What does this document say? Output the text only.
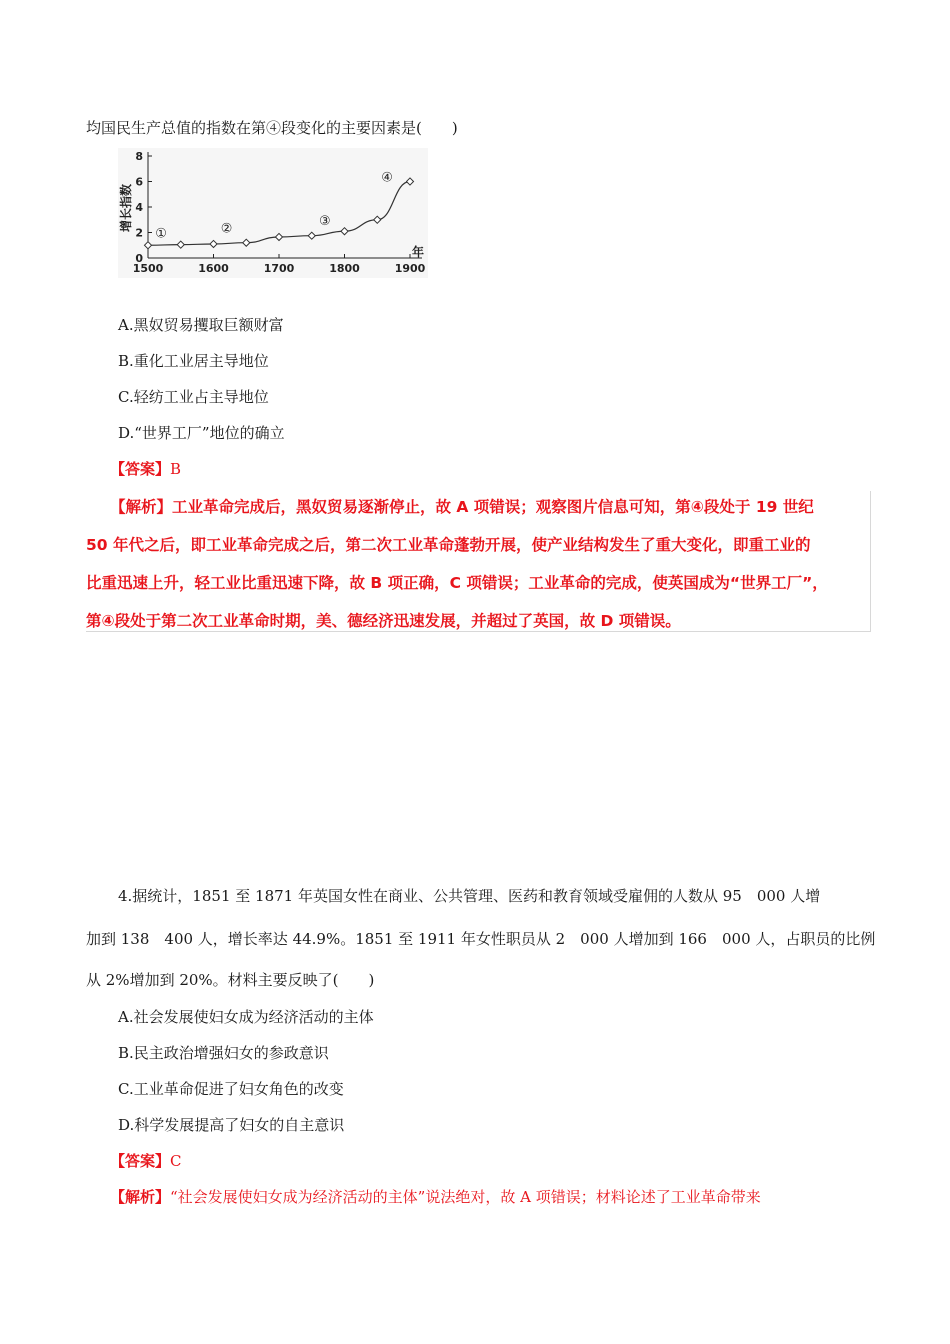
均国民生产总值的指数在第④段变化的主要因素是(　　)
0
2
4
6
8
1500	1600	1700	1800	1900
年
增长指数
①	②
③
④
A.黑奴贸易攫取巨额财富
B.重化工业居主导地位
C.轻纺工业占主导地位
D.“世界工厂”地位的确立
【答案】B
【解析】工业革命完成后，黑奴贸易逐渐停止，故 A 项错误；观察图片信息可知，第④段处于 19 世纪
50 年代之后，即工业革命完成之后，第二次工业革命蓬勃开展，使产业结构发生了重大变化，即重工业的
比重迅速上升，轻工业比重迅速下降，故 B 项正确，C 项错误；工业革命的完成，使英国成为“世界工厂”，
第④段处于第二次工业革命时期，美、德经济迅速发展，并超过了英国，故 D 项错误。
4.据统计，1851 至 1871 年英国女性在商业、公共管理、医药和教育领域受雇佣的人数从 95　000 人增
加到 138　400 人，增长率达 44.9%。1851 至 1911 年女性职员从 2　000 人增加到 166　000 人，占职员的比例
从 2%增加到 20%。材料主要反映了(　　)
A.社会发展使妇女成为经济活动的主体
B.民主政治增强妇女的参政意识
C.工业革命促进了妇女角色的改变
D.科学发展提高了妇女的自主意识
【答案】C
【解析】“社会发展使妇女成为经济活动的主体”说法绝对，故 A 项错误；材料论述了工业革命带来
